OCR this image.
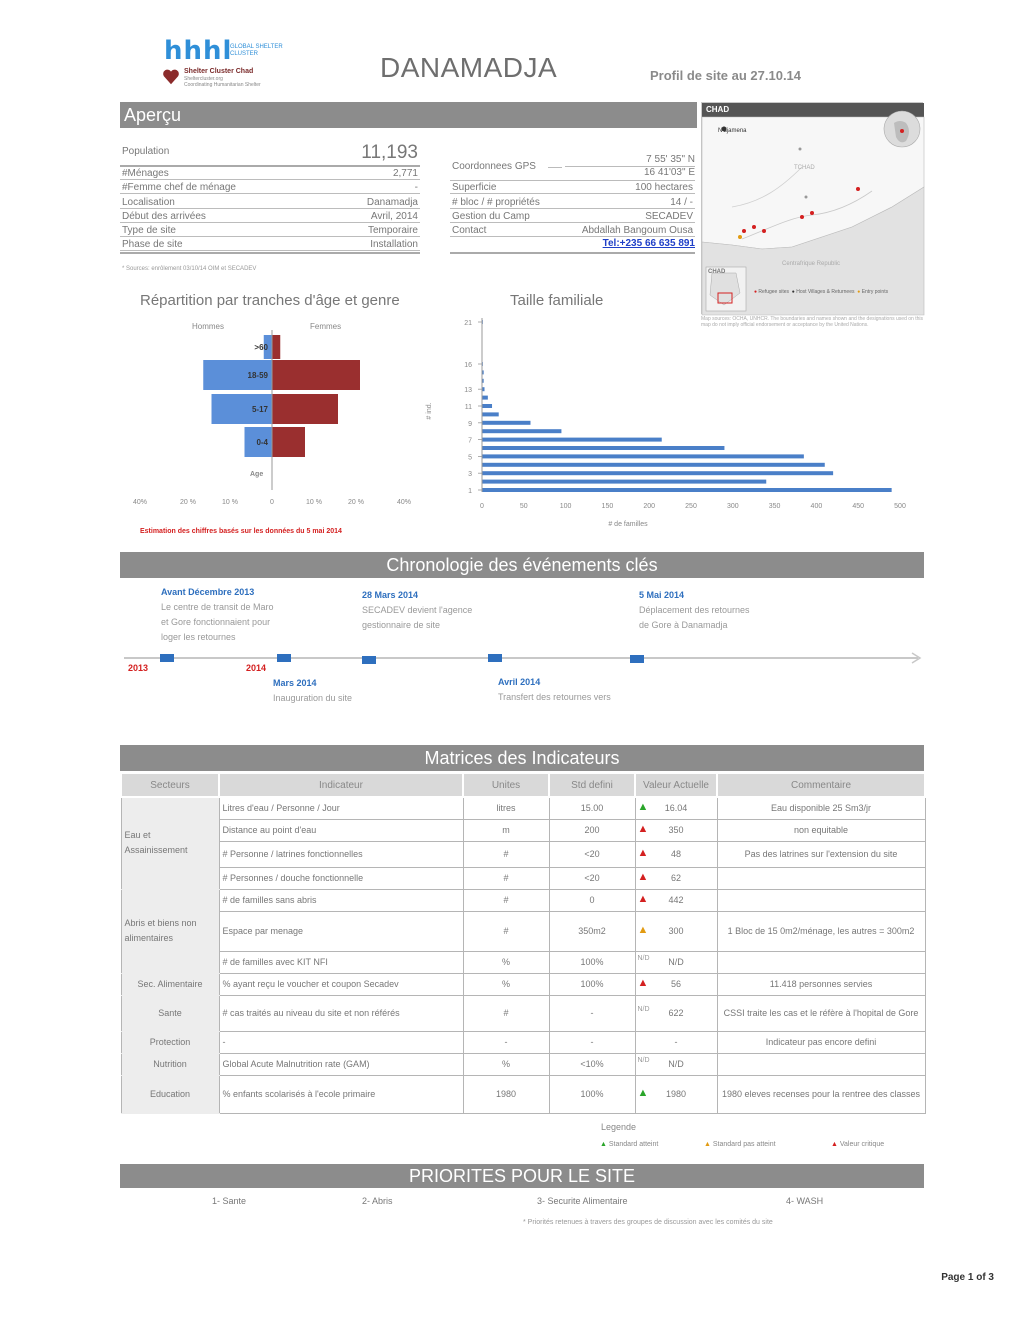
hhhl
GLOBAL SHELTER CLUSTER
Shelter Cluster Chad
Sheltercluster.org
Coordinating Humanitarian Shelter
DANAMADJA	Profil de site au 27.10.14
Aperçu
Population	11,193
#Ménages	2,771
#Femme chef de ménage	-
Localisation	Danamadja
Début des arrivées	Avril, 2014
Type de site	Temporaire
Phase de site	Installation
Coordonnees GPS
7 55' 35" N
16 41'03" E
Superficie	100 hectares
# bloc / # propriétés	14 / -
Gestion du Camp	SECADEV
Contact	Abdallah Bangoum Ousa
Tel:+235 66 635 891
* Sources: enrôlement 03/10/14 OIM et SECADEV
CHAD
N'djamena
TCHAD
Centrafrique Republic
CHAD
● Refugee sites ● Host Villages & Returnees ● Entry points
Map sources: OCHA, UNHCR. The boundaries and names shown and the designations used on this map do not imply official endorsement or acceptance by the United Nations.
Répartition par tranches d'âge et genre
Hommes	Femmes
>60
18-59
5-17
0-4
Age
40%	20 %	10 %	0	10 %	20 %	40%
Estimation des chiffres basés sur les données du 5 mai 2014
Taille familiale
1
3
5
7
9
11
13
16
21
0	50	100	150	200	250	300	350	400	450	500
# ind.
# de familles
Chronologie des événements clés
Avant Décembre 2013
Le centre de transit de Maro
et Gore fonctionnaient pour
loger les retournes
28 Mars 2014
SECADEV devient l'agence
gestionnaire de site
5 Mai 2014
Déplacement des retournes
de Gore à Danamadja
2013	2014
Mars 2014
Inauguration du site
Avril 2014
Transfert des retournes vers
Matrices des Indicateurs
Secteurs	Indicateur	Unites	Std defini	Valeur Actuelle	Commentaire
Eau et Assainissement	Litres d'eau / Personne / Jour	litres	15.00	▲ 16.04	Eau disponible 25 Sm3/jr
	Distance au point d'eau	m	200	▲ 350	non equitable
	# Personne / latrines fonctionnelles	#	<20	▲ 48	Pas des latrines sur l'extension du site
	# Personnes / douche fonctionnelle	#	<20	▲ 62	
Abris et biens non alimentaires	# de familles sans abris	#	0	▲ 442	
	Espace par menage	#	350m2	▲ 300	1 Bloc de 15 0m2/ménage, les autres = 300m2
	# de familles avec KIT NFI	%	100%	N/D N/D	
Sec. Alimentaire	% ayant reçu le voucher et coupon Secadev	%	100%	▲ 56	11.418 personnes servies
Sante	# cas traités au niveau du site et non référés	#	-	N/D 622	CSSI traite les cas et le réfère à l'hopital de Gore
Protection	-	-	-	-	Indicateur pas encore defini
Nutrition	Global Acute Malnutrition rate (GAM)	%	<10%	N/D N/D	
Education	% enfants scolarisés à l'ecole primaire	1980	100%	▲ 1980	1980 eleves recenses pour la rentree des classes
Legende
▲ Standard atteint	▲ Standard pas atteint	▲ Valeur critique
PRIORITES POUR LE SITE
1- Sante	2- Abris	3- Securite Alimentaire	4- WASH
* Priorités retenues à travers des groupes de discussion avec les comités du site
Page 1 of 3
